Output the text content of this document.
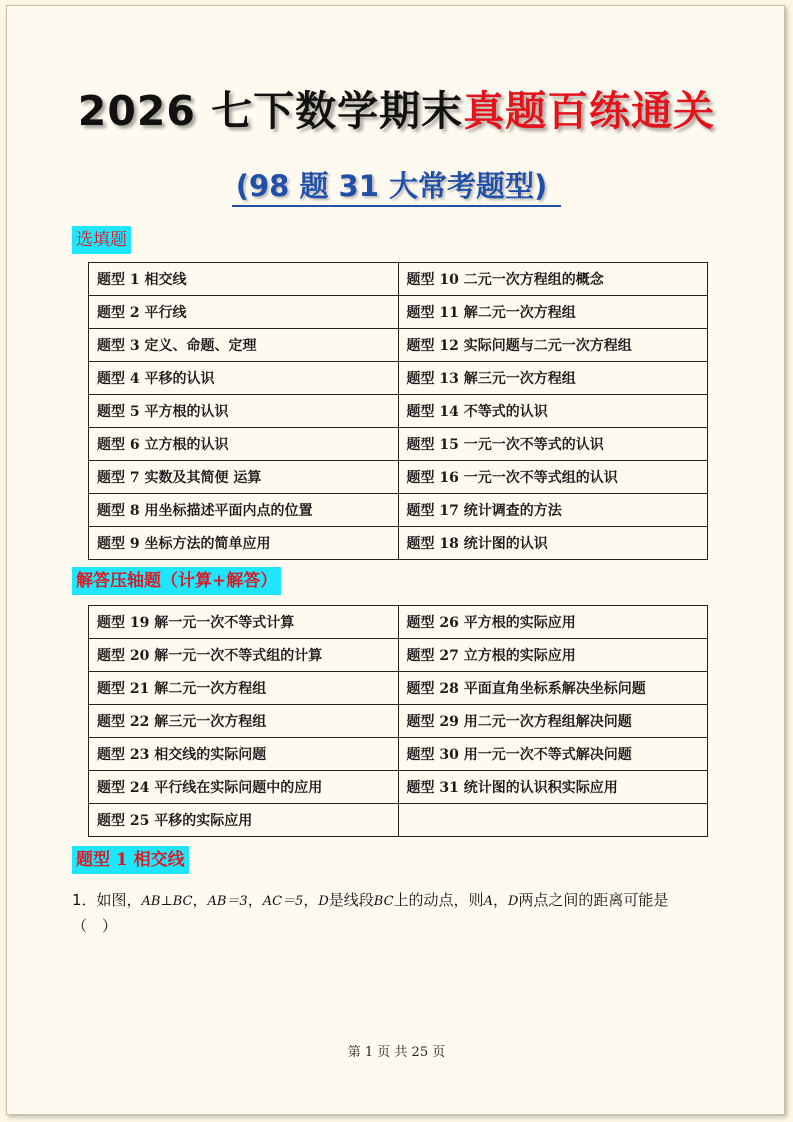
2026 七下数学期末真题百练通关
(98 题 31 大常考题型)
选填题
题型 1 相交线	题型 10 二元一次方程组的概念
题型 2 平行线	题型 11 解二元一次方程组
题型 3 定义、命题、定理	题型 12 实际问题与二元一次方程组
题型 4 平移的认识	题型 13 解三元一次方程组
题型 5 平方根的认识	题型 14 不等式的认识
题型 6 立方根的认识	题型 15 一元一次不等式的认识
题型 7 实数及其简便 运算	题型 16 一元一次不等式组的认识
题型 8 用坐标描述平面内点的位置	题型 17 统计调查的方法
题型 9 坐标方法的简单应用	题型 18 统计图的认识
解答压轴题（计算+解答）
题型 19 解一元一次不等式计算	题型 26 平方根的实际应用
题型 20 解一元一次不等式组的计算	题型 27 立方根的实际应用
题型 21 解二元一次方程组	题型 28 平面直角坐标系解决坐标问题
题型 22 解三元一次方程组	题型 29 用二元一次方程组解决问题
题型 23 相交线的实际问题	题型 30 用一元一次不等式解决问题
题型 24 平行线在实际问题中的应用	题型 31 统计图的认识积实际应用
题型 25 平移的实际应用	
题型 1 相交线
1．如图，AB⊥BC，AB＝3，AC＝5，D是线段BC上的动点，则A，D两点之间的距离可能是
（　）
第 1 页 共 25 页
